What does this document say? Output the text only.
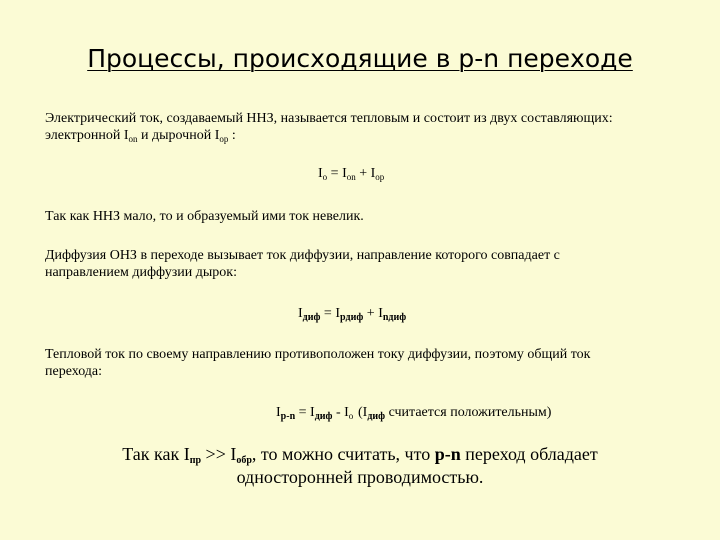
Процессы, происходящие в p-n переходе
Электрический ток, создаваемый ННЗ, называется тепловым и состоит из двух составляющих:
электронной $I_{оn}$ и дырочной $I_{оp}$ :
$I_о = I_{оn} + I_{оp}$
Так как ННЗ мало, то и образуемый ими ток невелик.
Диффузия ОНЗ в переходе вызывает ток диффузии, направление которого совпадает с
направлением диффузии дырок:
$I_{диф} = I_{pдиф} + I_{nдиф}$
Тепловой ток по своему направлению противоположен току диффузии, поэтому общий ток
перехода:
$I_{p-n} = I_{диф} - I_о$ ($I_{диф}$ считается положительным)
Так как Iпр >> Iобр, то можно считать, что p-n переход обладает
односторонней проводимостью.
